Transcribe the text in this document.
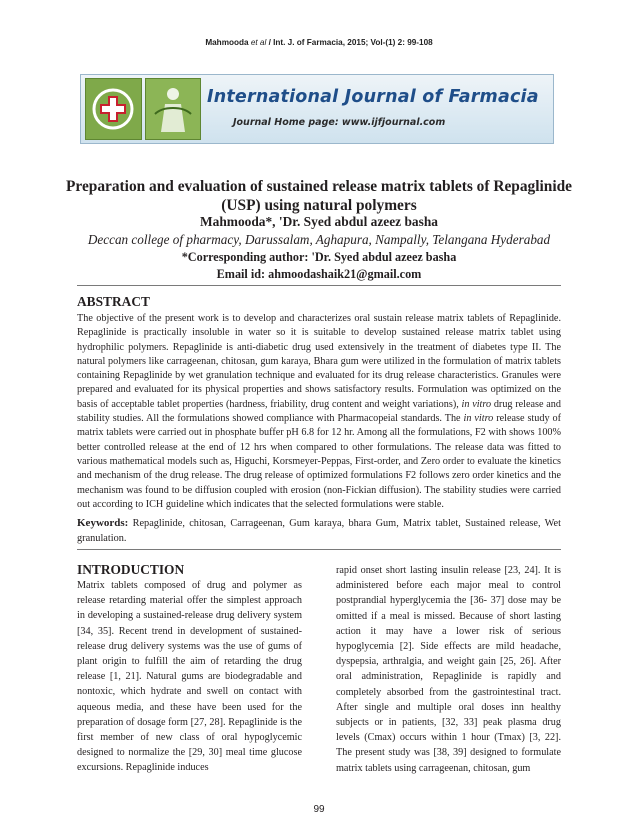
Mahmooda et al / Int. J. of Farmacia, 2015; Vol-(1) 2: 99-108
International Journal of Farmacia
Journal Home page: www.ijfjournal.com
Preparation and evaluation of sustained release matrix tablets of Repaglinide (USP) using natural polymers
Mahmooda*, 'Dr. Syed abdul azeez basha
Deccan college of pharmacy, Darussalam, Aghapura, Nampally, Telangana Hyderabad
*Corresponding author: 'Dr. Syed abdul azeez basha
Email id: ahmoodashaik21@gmail.com
ABSTRACT
The objective of the present work is to develop and characterizes oral sustain release matrix tablets of Repaglinide. Repaglinide is practically insoluble in water so it is suitable to develop sustained release matrix tablet using hydrophilic polymers. Repaglinide is anti-diabetic drug used extensively in the treatment of diabetes type II. The natural polymers like carrageenan, chitosan, gum karaya, Bhara gum were utilized in the formulation of matrix tablets containing Repaglinide by wet granulation technique and evaluated for its drug release characteristics. Granules were prepared and evaluated for its physical properties and shows satisfactory results. Formulation was optimized on the basis of acceptable tablet properties (hardness, friability, drug content and weight variations), in vitro drug release and stability studies. All the formulations showed compliance with Pharmacopeial standards. The in vitro release study of matrix tablets were carried out in phosphate buffer pH 6.8 for 12 hr. Among all the formulations, F2 with shows 100% better controlled release at the end of 12 hrs when compared to other formulations. The release data was fitted to various mathematical models such as, Higuchi, Korsmeyer-Peppas, First-order, and Zero order to evaluate the kinetics and mechanism of the drug release. The drug release of optimized formulations F2 follows zero order kinetics and the mechanism was found to be diffusion coupled with erosion (non-Fickian diffusion). The stability studies were carried out according to ICH guideline which indicates that the selected formulations were stable.
Keywords: Repaglinide, chitosan, Carrageenan, Gum karaya, bhara Gum, Matrix tablet, Sustained release, Wet granulation.
INTRODUCTION
Matrix tablets composed of drug and polymer as release retarding material offer the simplest approach in developing a sustained-release drug delivery system [34, 35]. Recent trend in development of sustained-release drug delivery systems was the use of gums of plant origin to fulfill the aim of retarding the drug release [1, 21]. Natural gums are biodegradable and nontoxic, which hydrate and swell on contact with aqueous media, and these have been used for the preparation of dosage form [27, 28]. Repaglinide is the first member of new class of oral hypoglycemic designed to normalize the [29, 30] meal time glucose excursions. Repaglinide induces
rapid onset short lasting insulin release [23, 24]. It is administered before each major meal to control postprandial hyperglycemia the [36- 37] dose may be omitted if a meal is missed. Because of short lasting action it may have a lower risk of serious hypoglycemia [2]. Side effects are mild headache, dyspepsia, arthralgia, and weight gain [25, 26]. After oral administration, Repaglinide is rapidly and completely absorbed from the gastrointestinal tract. After single and multiple oral doses inn healthy subjects or in patients, [32, 33] peak plasma drug levels (Cmax) occurs within 1 hour (Tmax) [3, 22]. The present study was [38, 39] designed to formulate matrix tablets using carrageenan, chitosan, gum
99
